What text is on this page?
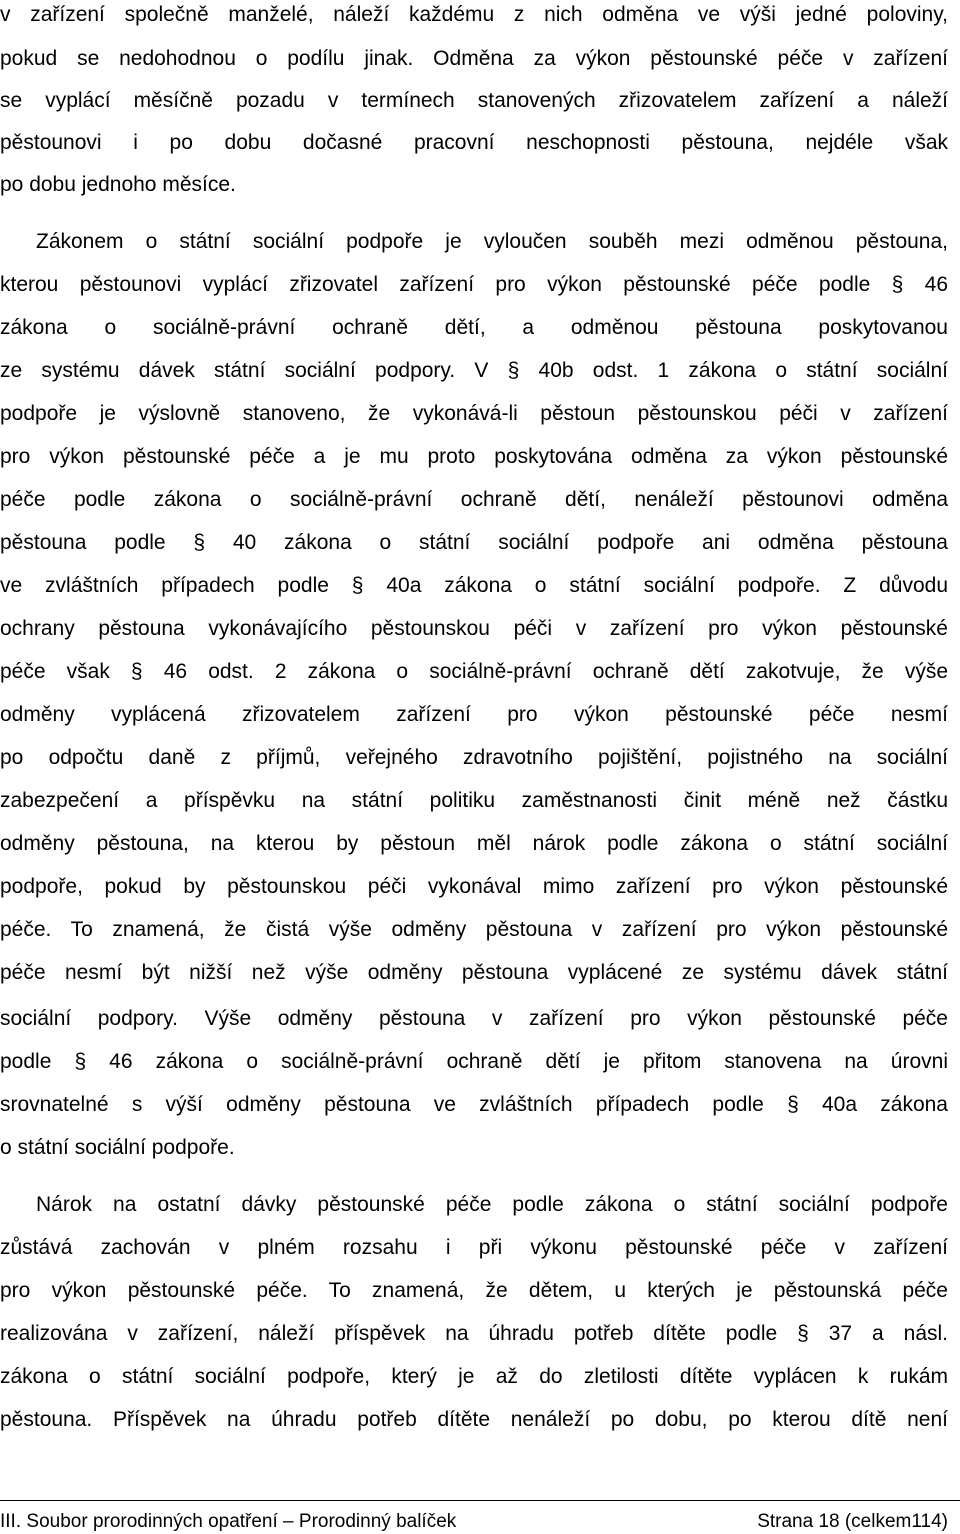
v zařízení společně manželé, náleží každému z nich odměna ve výši jedné poloviny,
pokud se nedohodnou o podílu jinak. Odměna za výkon pěstounské péče v zařízení
se vyplácí měsíčně pozadu v termínech stanovených zřizovatelem zařízení a náleží
pěstounovi i po dobu dočasné pracovní neschopnosti pěstouna, nejdéle však
po dobu jednoho měsíce.
Zákonem o státní sociální podpoře je vyloučen souběh mezi odměnou pěstouna,
kterou pěstounovi vyplácí zřizovatel zařízení pro výkon pěstounské péče podle § 46
zákona o sociálně-právní ochraně dětí, a odměnou pěstouna poskytovanou
ze systému dávek státní sociální podpory. V § 40b odst. 1 zákona o státní sociální
podpoře je výslovně stanoveno, že vykonává-li pěstoun pěstounskou péči v zařízení
pro výkon pěstounské péče a je mu proto poskytována odměna za výkon pěstounské
péče podle zákona o sociálně-právní ochraně dětí, nenáleží pěstounovi odměna
pěstouna podle § 40 zákona o státní sociální podpoře ani odměna pěstouna
ve zvláštních případech podle § 40a zákona o státní sociální podpoře. Z důvodu
ochrany pěstouna vykonávajícího pěstounskou péči v zařízení pro výkon pěstounské
péče však § 46 odst. 2 zákona o sociálně-právní ochraně dětí zakotvuje, že výše
odměny vyplácená zřizovatelem zařízení pro výkon pěstounské péče nesmí
po odpočtu daně z příjmů, veřejného zdravotního pojištění, pojistného na sociální
zabezpečení a příspěvku na státní politiku zaměstnanosti činit méně než částku
odměny pěstouna, na kterou by pěstoun měl nárok podle zákona o státní sociální
podpoře, pokud by pěstounskou péči vykonával mimo zařízení pro výkon pěstounské
péče. To znamená, že čistá výše odměny pěstouna v zařízení pro výkon pěstounské
péče nesmí být nižší než výše odměny pěstouna vyplácené ze systému dávek státní
sociální podpory. Výše odměny pěstouna v zařízení pro výkon pěstounské péče
podle § 46 zákona o sociálně-právní ochraně dětí je přitom stanovena na úrovni
srovnatelné s výší odměny pěstouna ve zvláštních případech podle § 40a zákona
o státní sociální podpoře.
Nárok na ostatní dávky pěstounské péče podle zákona o státní sociální podpoře
zůstává zachován v plném rozsahu i při výkonu pěstounské péče v zařízení
pro výkon pěstounské péče. To znamená, že dětem, u kterých je pěstounská péče
realizována v zařízení, náleží příspěvek na úhradu potřeb dítěte podle § 37 a násl.
zákona o státní sociální podpoře, který je až do zletilosti dítěte vyplácen k rukám
pěstouna. Příspěvek na úhradu potřeb dítěte nenáleží po dobu, po kterou dítě není
III. Soubor prorodinných opatření – Prorodinný balíček	Strana 18 (celkem114)
